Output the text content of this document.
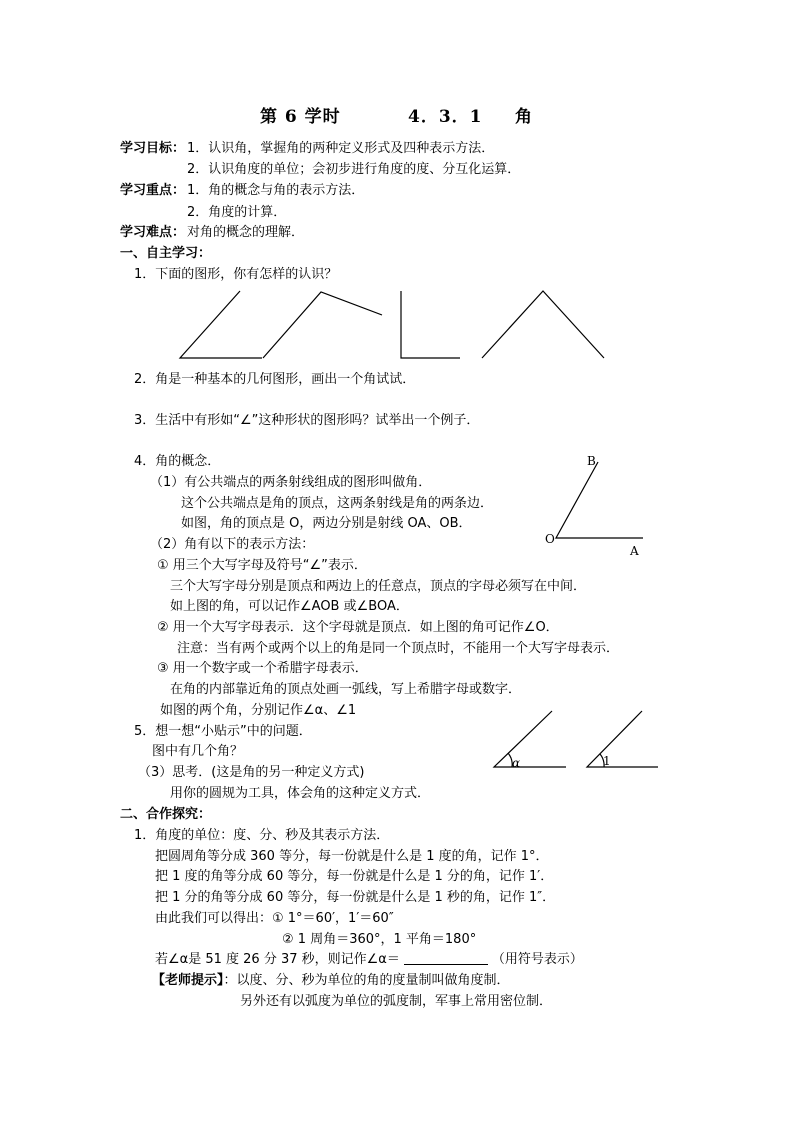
第 6 学时	4．3．1 角
学习目标： 1．认识角，掌握角的两种定义形式及四种表示方法．
2．认识角度的单位；会初步进行角度的度、分互化运算．
学习重点： 1．角的概念与角的表示方法．
2．角度的计算．
学习难点： 对角的概念的理解．
一、自主学习：
1．下面的图形，你有怎样的认识？
2．角是一种基本的几何图形，画出一个角试试．
3．生活中有形如“∠”这种形状的图形吗？试举出一个例子．
4．角的概念．
（1）有公共端点的两条射线组成的图形叫做角．
这个公共端点是角的顶点，这两条射线是角的两条边．
如图，角的顶点是 O，两边分别是射线 OA、OB．
B
O
A
（2）角有以下的表示方法：
① 用三个大写字母及符号“∠”表示．
三个大写字母分别是顶点和两边上的任意点，顶点的字母必须写在中间．
如上图的角，可以记作∠AOB 或∠BOA．
② 用一个大写字母表示．这个字母就是顶点．如上图的角可记作∠O．
注意：当有两个或两个以上的角是同一个顶点时，不能用一个大写字母表示．
③ 用一个数字或一个希腊字母表示．
在角的内部靠近角的顶点处画一弧线，写上希腊字母或数字．
如图的两个角，分别记作∠α、∠1
α	1
5．想一想“小贴示”中的问题．
图中有几个角？
（3）思考．(这是角的另一种定义方式)
用你的圆规为工具，体会角的这种定义方式．
二、合作探究：
1．角度的单位：度、分、秒及其表示方法．
把圆周角等分成 360 等分，每一份就是什么是 1 度的角，记作 1°．
把 1 度的角等分成 60 等分，每一份就是什么是 1 分的角，记作 1′．
把 1 分的角等分成 60 等分，每一份就是什么是 1 秒的角，记作 1″．
由此我们可以得出：① 1°＝60′，1′＝60″
② 1 周角＝360°，1 平角＝180°
若∠α是 51 度 26 分 37 秒，则记作∠α＝	（用符号表示）
【老师提示】：以度、分、秒为单位的角的度量制叫做角度制．
另外还有以弧度为单位的弧度制，军事上常用密位制．
